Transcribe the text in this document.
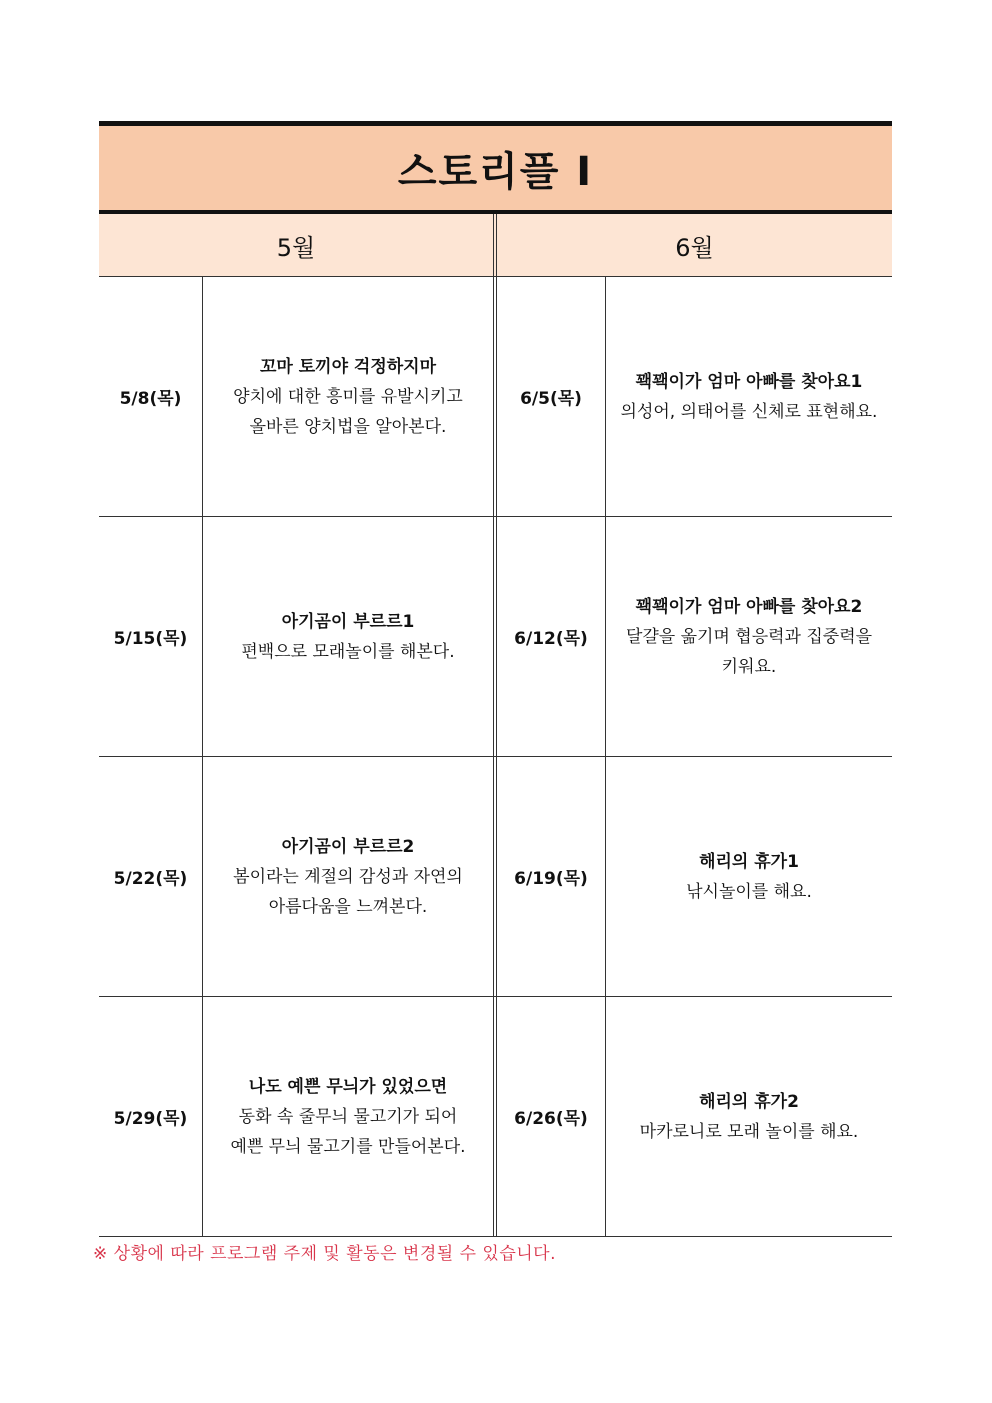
스토리플 Ⅰ
5월	6월
5/8(목)
꼬마 토끼야 걱정하지마
양치에 대한 흥미를 유발시키고
올바른 양치법을 알아본다.
6/5(목)
꽥꽥이가 엄마 아빠를 찾아요1
의성어, 의태어를 신체로 표현해요.
5/15(목)
아기곰이 부르르1
편백으로 모래놀이를 해본다.
6/12(목)
꽥꽥이가 엄마 아빠를 찾아요2
달걀을 옮기며 협응력과 집중력을
키워요.
5/22(목)
아기곰이 부르르2
봄이라는 계절의 감성과 자연의
아름다움을 느껴본다.
6/19(목)
해리의 휴가1
낚시놀이를 해요.
5/29(목)
나도 예쁜 무늬가 있었으면
동화 속 줄무늬 물고기가 되어
예쁜 무늬 물고기를 만들어본다.
6/26(목)
해리의 휴가2
마카로니로 모래 놀이를 해요.
※ 상황에 따라 프로그램 주제 및 활동은 변경될 수 있습니다.
